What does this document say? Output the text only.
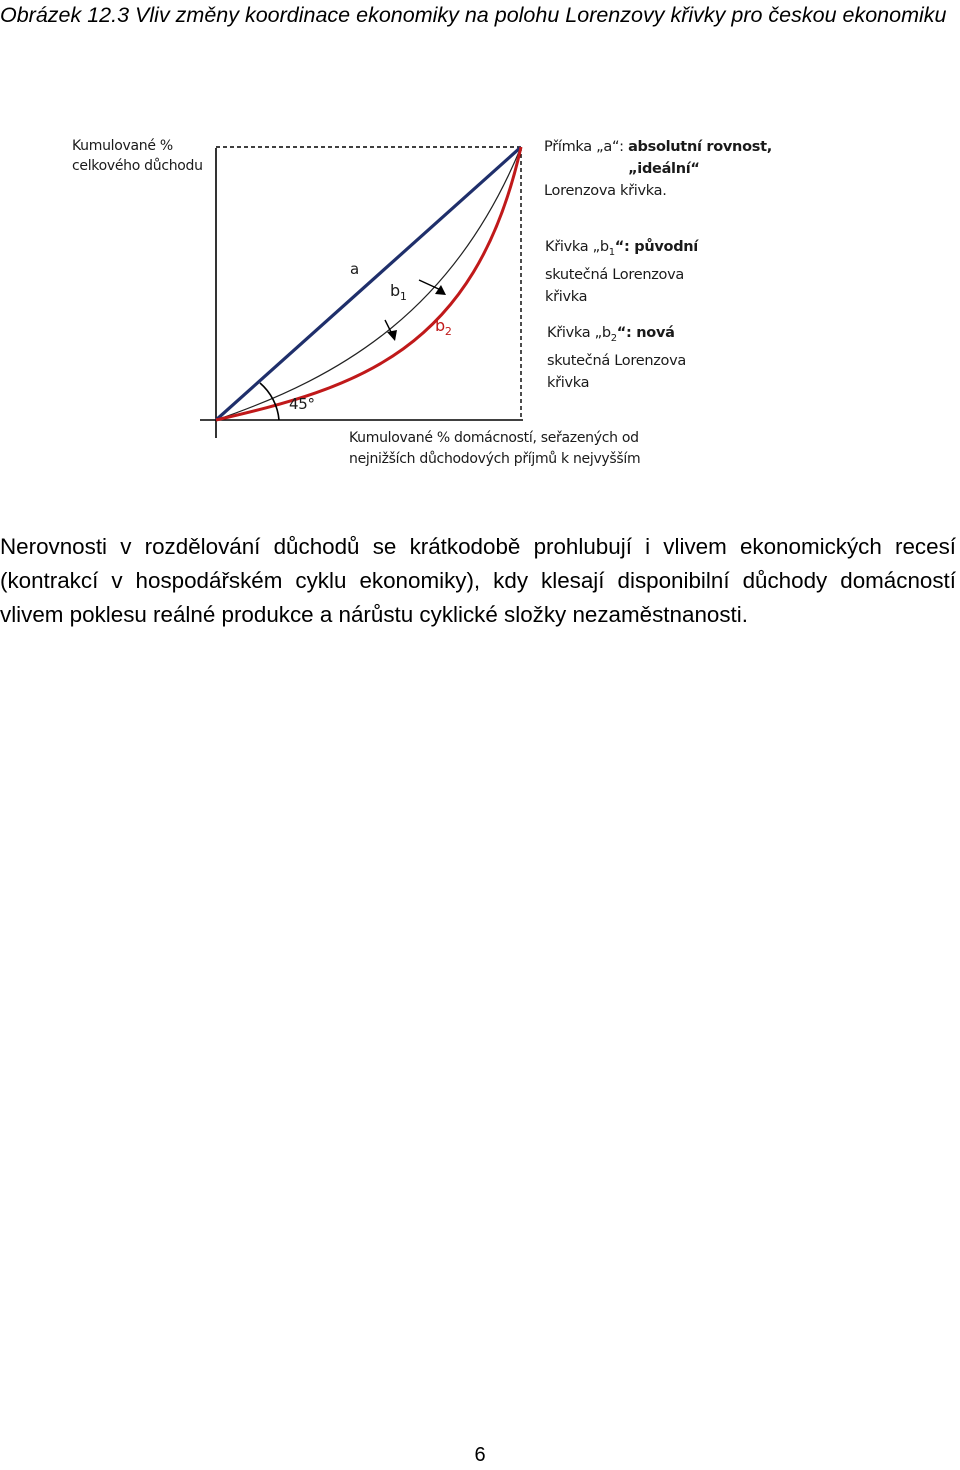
Obrázek 12.3 Vliv změny koordinace ekonomiky na polohu Lorenzovy křivky pro českou ekonomiku
Kumulované %
celkového důchodu
Kumulované % domácností, seřazených od
nejnižších důchodových příjmů k nejvyšším
a
$b_1$
$b_2$
45°
Přímka „a“: absolutní rovnost, „ideální“
Lorenzova křivka.
Křivka $„b_1“$: původní
skutečná Lorenzova
křivka
Křivka $„b_2“$: nová
skutečná Lorenzova
křivka
Nerovnosti v rozdělování důchodů se krátkodobě prohlubují i vlivem ekonomických recesí (kontrakcí v hospodářském cyklu ekonomiky), kdy klesají disponibilní důchody domácností vlivem poklesu reálné produkce a nárůstu cyklické složky nezaměstnanosti.
6
